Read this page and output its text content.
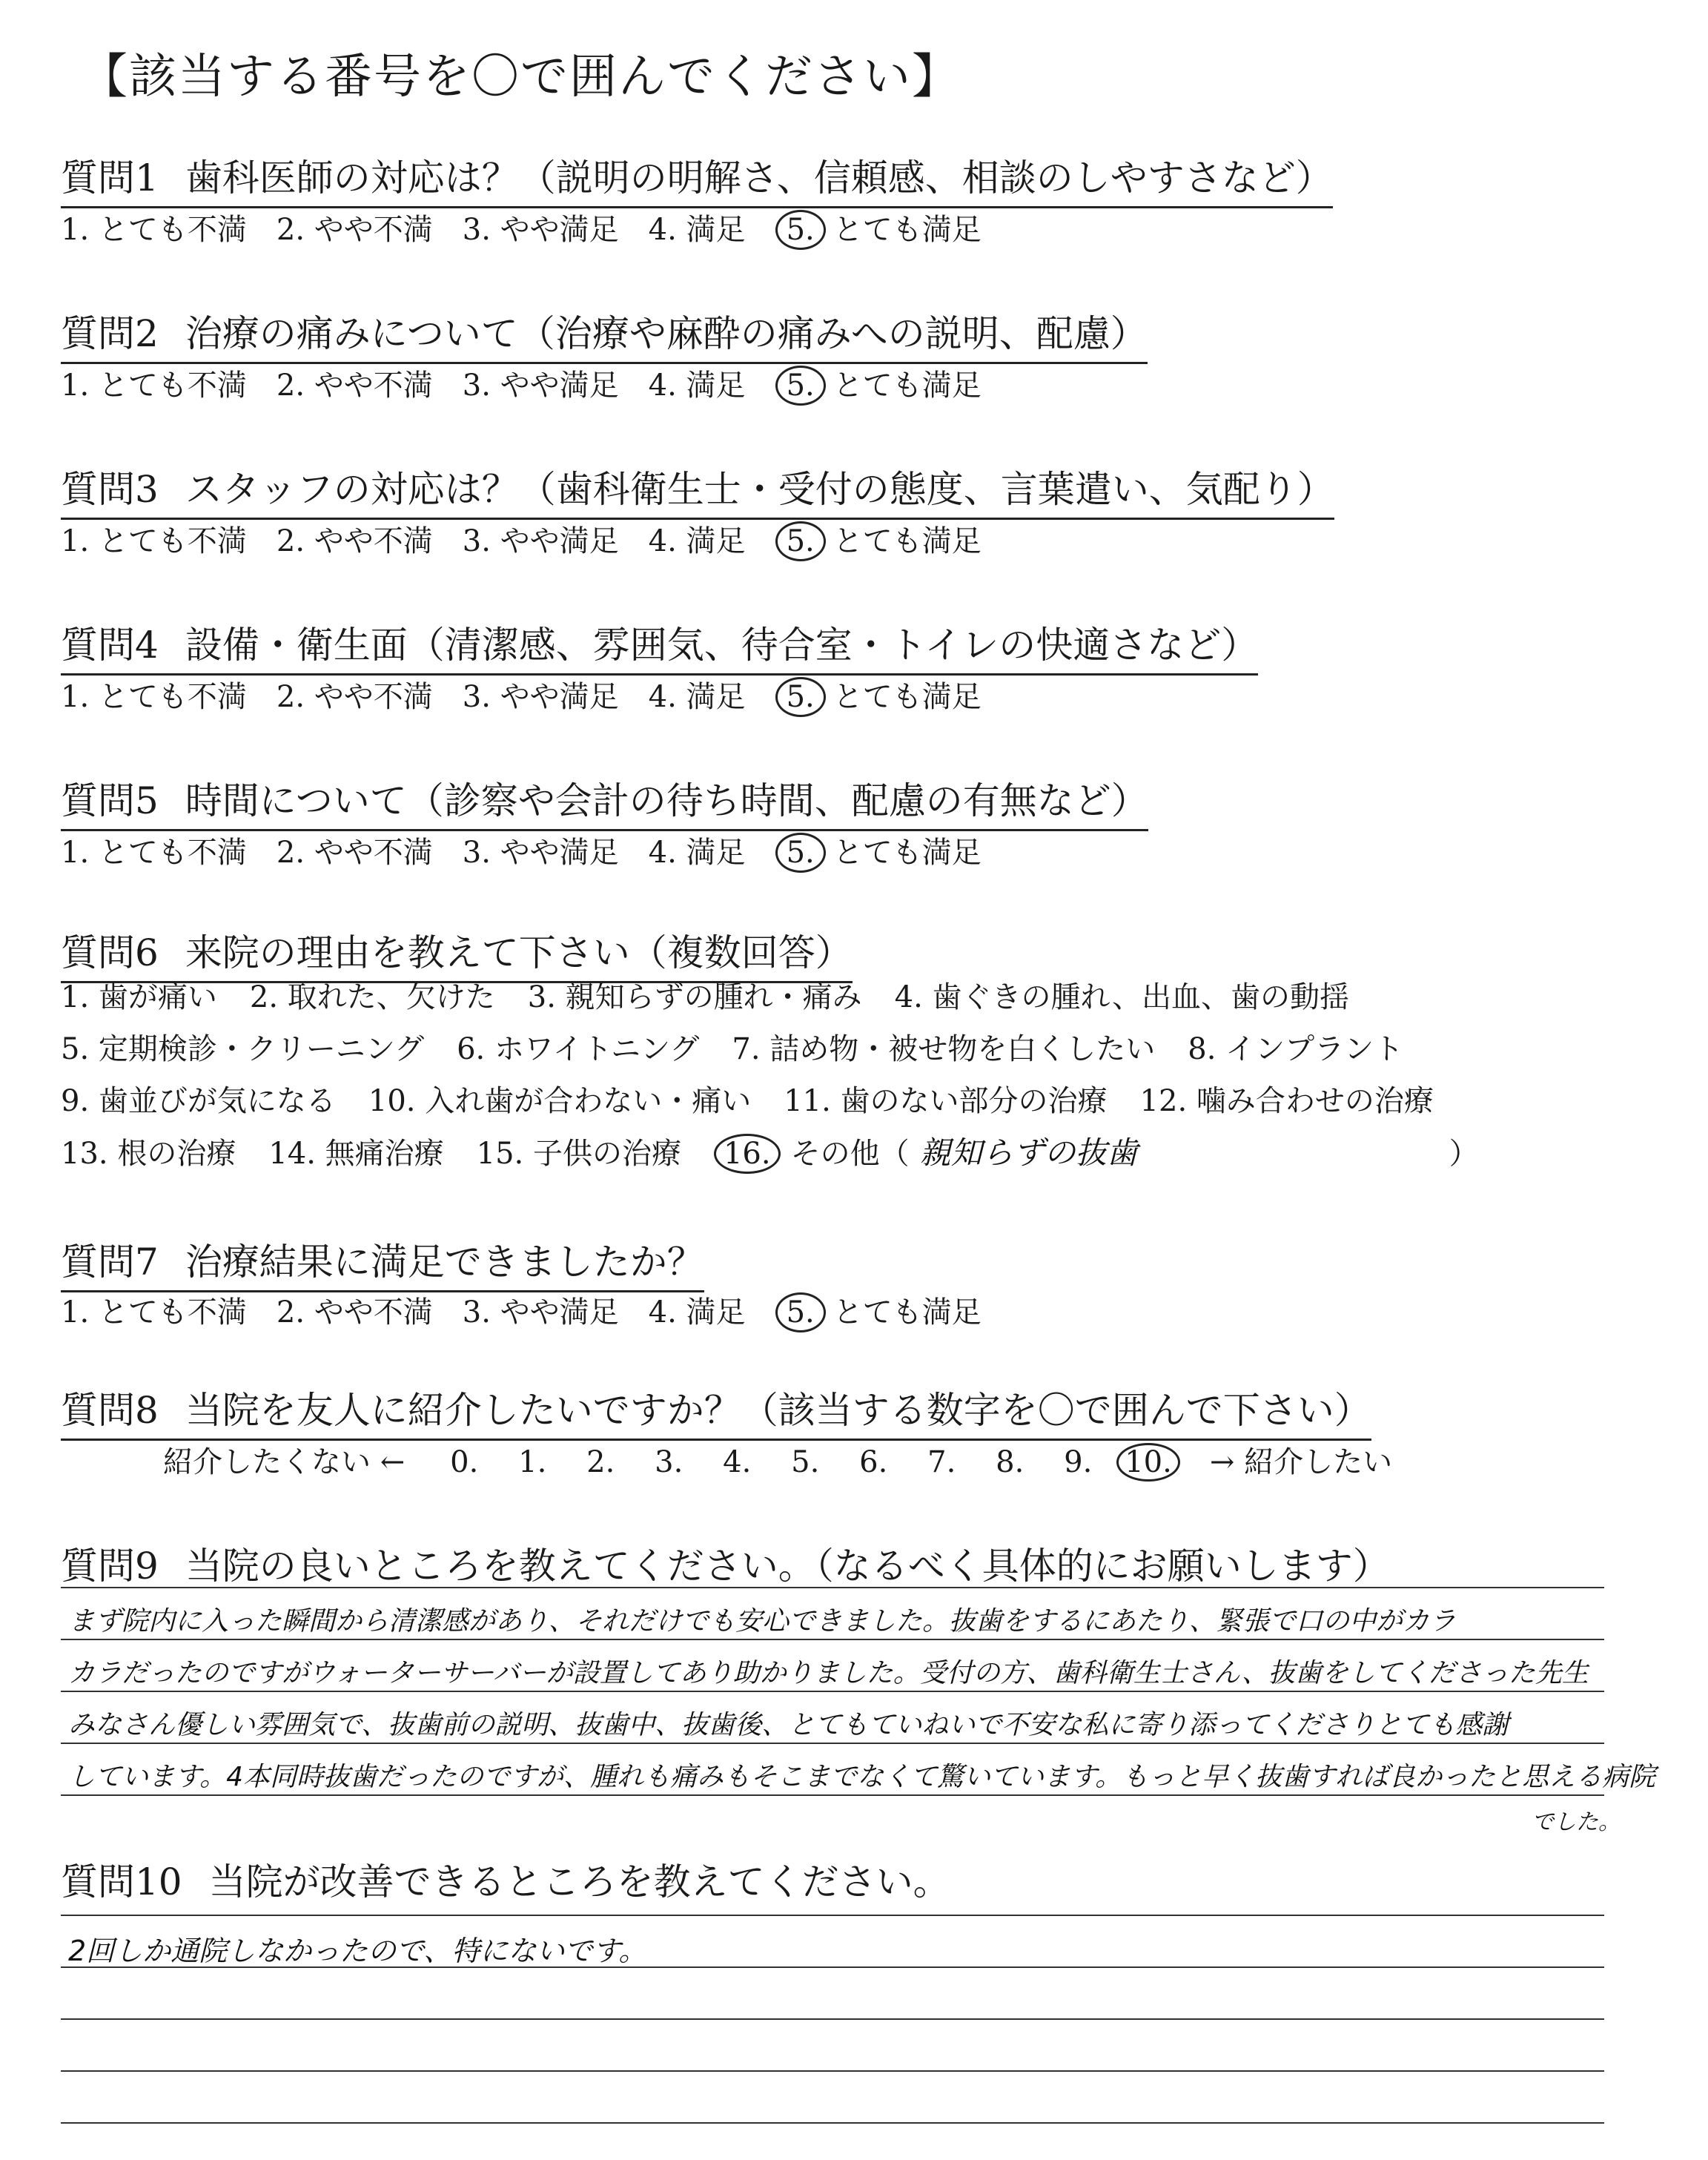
【該当する番号を〇で囲んでください】
質問1 歯科医師の対応は？（説明の明解さ、信頼感、相談のしやすさなど）
1. とても不満 2. やや不満 3. やや満足 4. 満足 5. とても満足
質問2 治療の痛みについて（治療や麻酔の痛みへの説明、配慮）
1. とても不満 2. やや不満 3. やや満足 4. 満足 5. とても満足
質問3 スタッフの対応は？（歯科衛生士・受付の態度、言葉遣い、気配り）
1. とても不満 2. やや不満 3. やや満足 4. 満足 5. とても満足
質問4 設備・衛生面（清潔感、雰囲気、待合室・トイレの快適さなど）
1. とても不満 2. やや不満 3. やや満足 4. 満足 5. とても満足
質問5 時間について（診察や会計の待ち時間、配慮の有無など）
1. とても不満 2. やや不満 3. やや満足 4. 満足 5. とても満足
質問6 来院の理由を教えて下さい（複数回答）
1. 歯が痛い 2. 取れた、欠けた 3. 親知らずの腫れ・痛み 4. 歯ぐきの腫れ、出血、歯の動揺
5. 定期検診・クリーニング 6. ホワイトニング 7. 詰め物・被せ物を白くしたい 8. インプラント
9. 歯並びが気になる 10. 入れ歯が合わない・痛い 11. 歯のない部分の治療 12. 噛み合わせの治療
13. 根の治療 14. 無痛治療 15. 子供の治療 16. その他（ 親知らずの抜歯	）
質問7 治療結果に満足できましたか？
1. とても不満 2. やや不満 3. やや満足 4. 満足 5. とても満足
質問8 当院を友人に紹介したいですか？（該当する数字を〇で囲んで下さい）
紹介したくない ← 0. 1. 2. 3. 4. 5. 6. 7. 8. 9. 10. → 紹介したい
質問9 当院の良いところを教えてください。（なるべく具体的にお願いします）
まず院内に入った瞬間から清潔感があり、それだけでも安心できました。抜歯をするにあたり、緊張で口の中がカラ
カラだったのですがウォーターサーバーが設置してあり助かりました。受付の方、歯科衛生士さん、抜歯をしてくださった先生
みなさん優しい雰囲気で、抜歯前の説明、抜歯中、抜歯後、とてもていねいで不安な私に寄り添ってくださりとても感謝
しています。4本同時抜歯だったのですが、腫れも痛みもそこまでなくて驚いています。もっと早く抜歯すれば良かったと思える病院
でした。
質問10 当院が改善できるところを教えてください。
2回しか通院しなかったので、特にないです。
